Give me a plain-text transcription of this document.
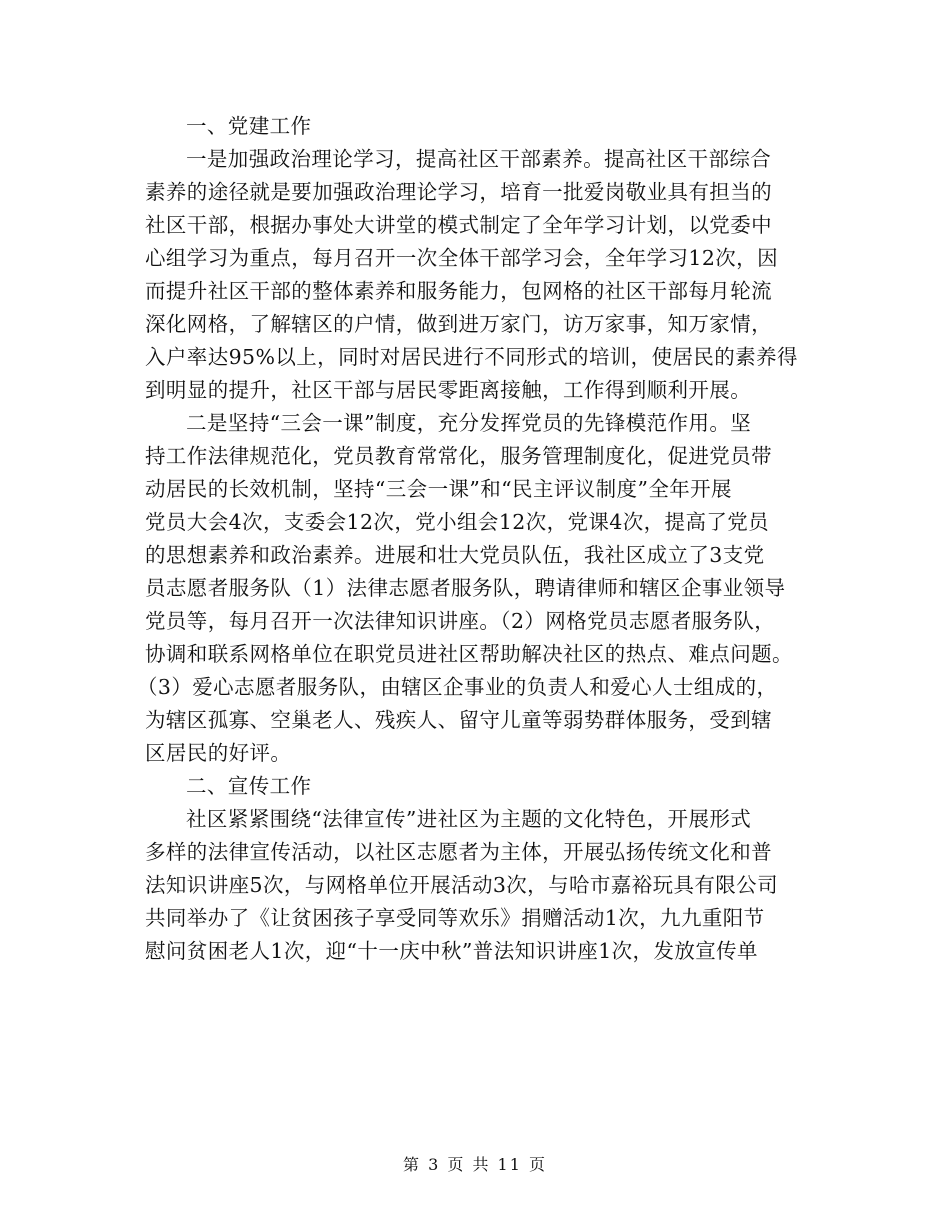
一、党建工作
一是加强政治理论学习，提高社区干部素养。提高社区干部综合
素养的途径就是要加强政治理论学习，培育一批爱岗敬业具有担当的
社区干部，根据办事处大讲堂的模式制定了全年学习计划，以党委中
心组学习为重点，每月召开一次全体干部学习会，全年学习12次，因
而提升社区干部的整体素养和服务能力，包网格的社区干部每月轮流
深化网格，了解辖区的户情，做到进万家门，访万家事，知万家情，
入户率达95%以上，同时对居民进行不同形式的培训，使居民的素养得
到明显的提升，社区干部与居民零距离接触，工作得到顺利开展。
二是坚持“三会一课”制度，充分发挥党员的先锋模范作用。坚
持工作法律规范化，党员教育常常化，服务管理制度化，促进党员带
动居民的长效机制，坚持“三会一课”和“民主评议制度”全年开展
党员大会4次，支委会12次，党小组会12次，党课4次，提高了党员
的思想素养和政治素养。进展和壮大党员队伍，我社区成立了3支党
员志愿者服务队（1）法律志愿者服务队，聘请律师和辖区企事业领导
党员等，每月召开一次法律知识讲座。（2）网格党员志愿者服务队，
协调和联系网格单位在职党员进社区帮助解决社区的热点、难点问题。
（3）爱心志愿者服务队，由辖区企事业的负责人和爱心人士组成的，
为辖区孤寡、空巢老人、残疾人、留守儿童等弱势群体服务，受到辖
区居民的好评。
二、宣传工作
社区紧紧围绕“法律宣传”进社区为主题的文化特色，开展形式
多样的法律宣传活动，以社区志愿者为主体，开展弘扬传统文化和普
法知识讲座5次，与网格单位开展活动3次，与哈市嘉裕玩具有限公司
共同举办了《让贫困孩子享受同等欢乐》捐赠活动1次，九九重阳节
慰问贫困老人1次，迎“十一庆中秋”普法知识讲座1次，发放宣传单
第 3 页 共 11 页
